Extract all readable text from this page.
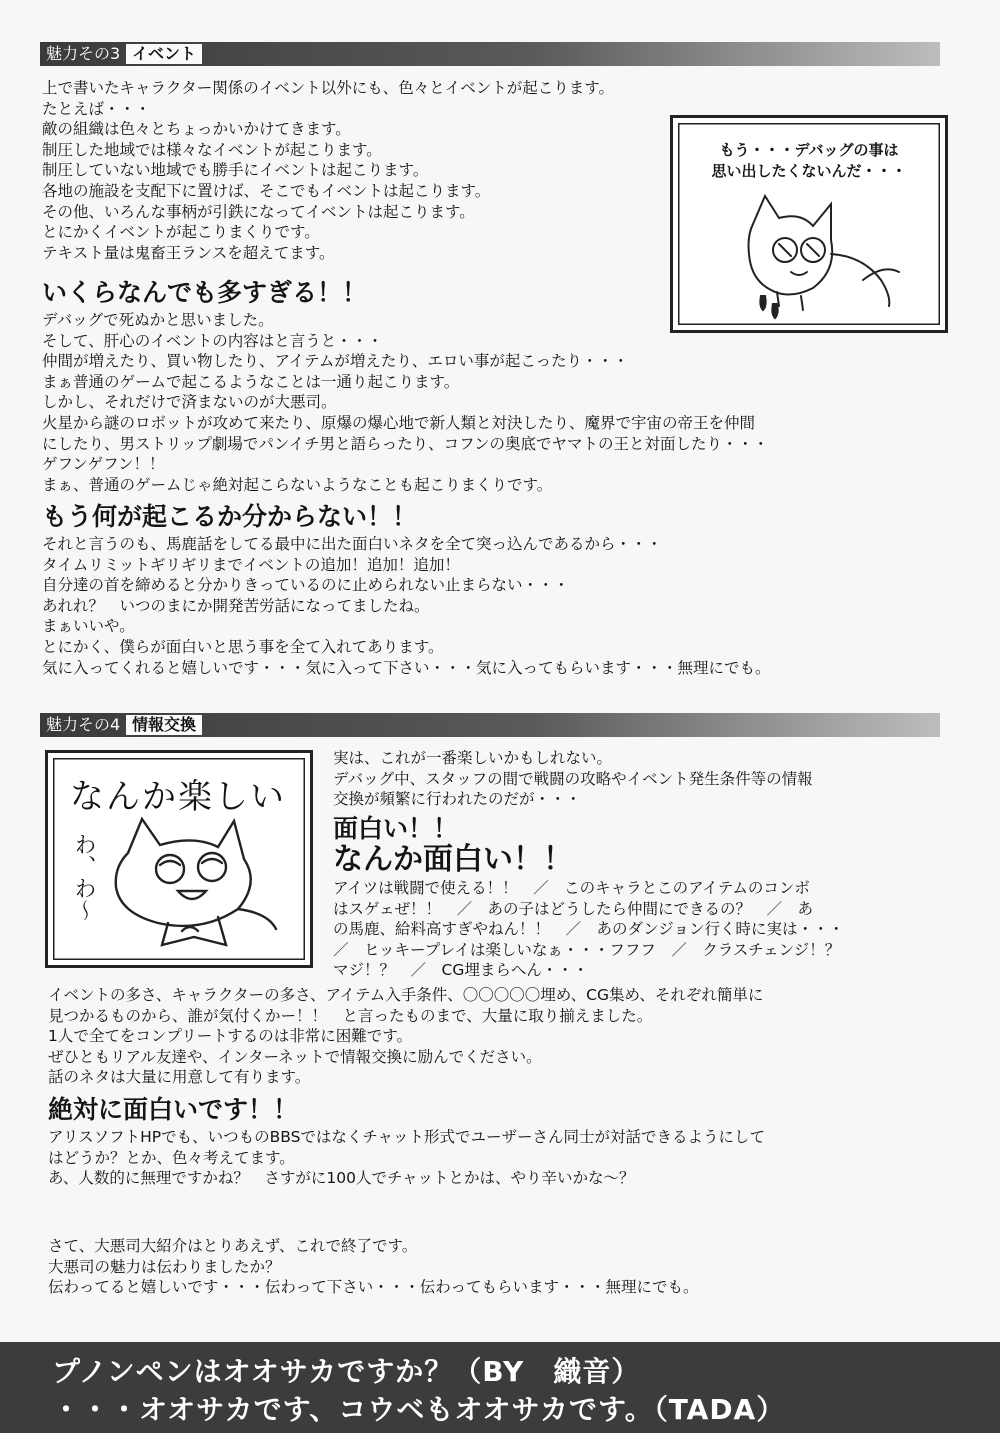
魅力その3 イベント
上で書いたキャラクター関係のイベント以外にも、色々とイベントが起こります。
たとえば・・・
敵の組織は色々とちょっかいかけてきます。
制圧した地域では様々なイベントが起こります。
制圧していない地域でも勝手にイベントは起こります。
各地の施設を支配下に置けば、そこでもイベントは起こります。
その他、いろんな事柄が引鉄になってイベントは起こります。
とにかくイベントが起こりまくりです。
テキスト量は鬼畜王ランスを超えてます。
いくらなんでも多すぎる！！
デバッグで死ぬかと思いました。
そして、肝心のイベントの内容はと言うと・・・
仲間が増えたり、買い物したり、アイテムが増えたり、エロい事が起こったり・・・
まぁ普通のゲームで起こるようなことは一通り起こります。
しかし、それだけで済まないのが大悪司。
火星から謎のロボットが攻めて来たり、原爆の爆心地で新人類と対決したり、魔界で宇宙の帝王を仲間
にしたり、男ストリップ劇場でパンイチ男と語らったり、コフンの奥底でヤマトの王と対面したり・・・
ゲフンゲフン！！
まぁ、普通のゲームじゃ絶対起こらないようなことも起こりまくりです。
もう何が起こるか分からない！！
それと言うのも、馬鹿話をしてる最中に出た面白いネタを全て突っ込んであるから・・・
タイムリミットギリギリまでイベントの追加！追加！追加！
自分達の首を締めると分かりきっているのに止められない止まらない・・・
あれれ？　いつのまにか開発苦労話になってましたね。
まぁいいや。
とにかく、僕らが面白いと思う事を全て入れてあります。
気に入ってくれると嬉しいです・・・気に入って下さい・・・気に入ってもらいます・・・無理にでも。
もう・・・デバッグの事は
思い出したくないんだ・・・
魅力その4 情報交換
なんか楽しい
わ、わ～
実は、これが一番楽しいかもしれない。
デバッグ中、スタッフの間で戦闘の攻略やイベント発生条件等の情報
交換が頻繁に行われたのだが・・・
面白い！！
なんか面白い！！
アイツは戦闘で使える！！　／　このキャラとこのアイテムのコンボ
はスゲェぜ！！　／　あの子はどうしたら仲間にできるの？　／　あ
の馬鹿、給料高すぎやねん！！　／　あのダンジョン行く時に実は・・・
／　ヒッキープレイは楽しいなぁ・・・フフフ　／　クラスチェンジ！？
マジ！？　／　CG埋まらへん・・・
イベントの多さ、キャラクターの多さ、アイテム入手条件、〇〇〇〇〇埋め、CG集め、それぞれ簡単に
見つかるものから、誰が気付くかー！！　と言ったものまで、大量に取り揃えました。
1人で全てをコンプリートするのは非常に困難です。
ぜひともリアル友達や、インターネットで情報交換に励んでください。
話のネタは大量に用意して有ります。
絶対に面白いです！！
アリスソフトHPでも、いつものBBSではなくチャット形式でユーザーさん同士が対話できるようにして
はどうか？とか、色々考えてます。
あ、人数的に無理ですかね？　さすがに100人でチャットとかは、やり辛いかな～？
さて、大悪司大紹介はとりあえず、これで終了です。
大悪司の魅力は伝わりましたか？
伝わってると嬉しいです・・・伝わって下さい・・・伝わってもらいます・・・無理にでも。
プノンペンはオオサカですか？（BY　織音）
・・・オオサカです、コウベもオオサカです。（TADA）
